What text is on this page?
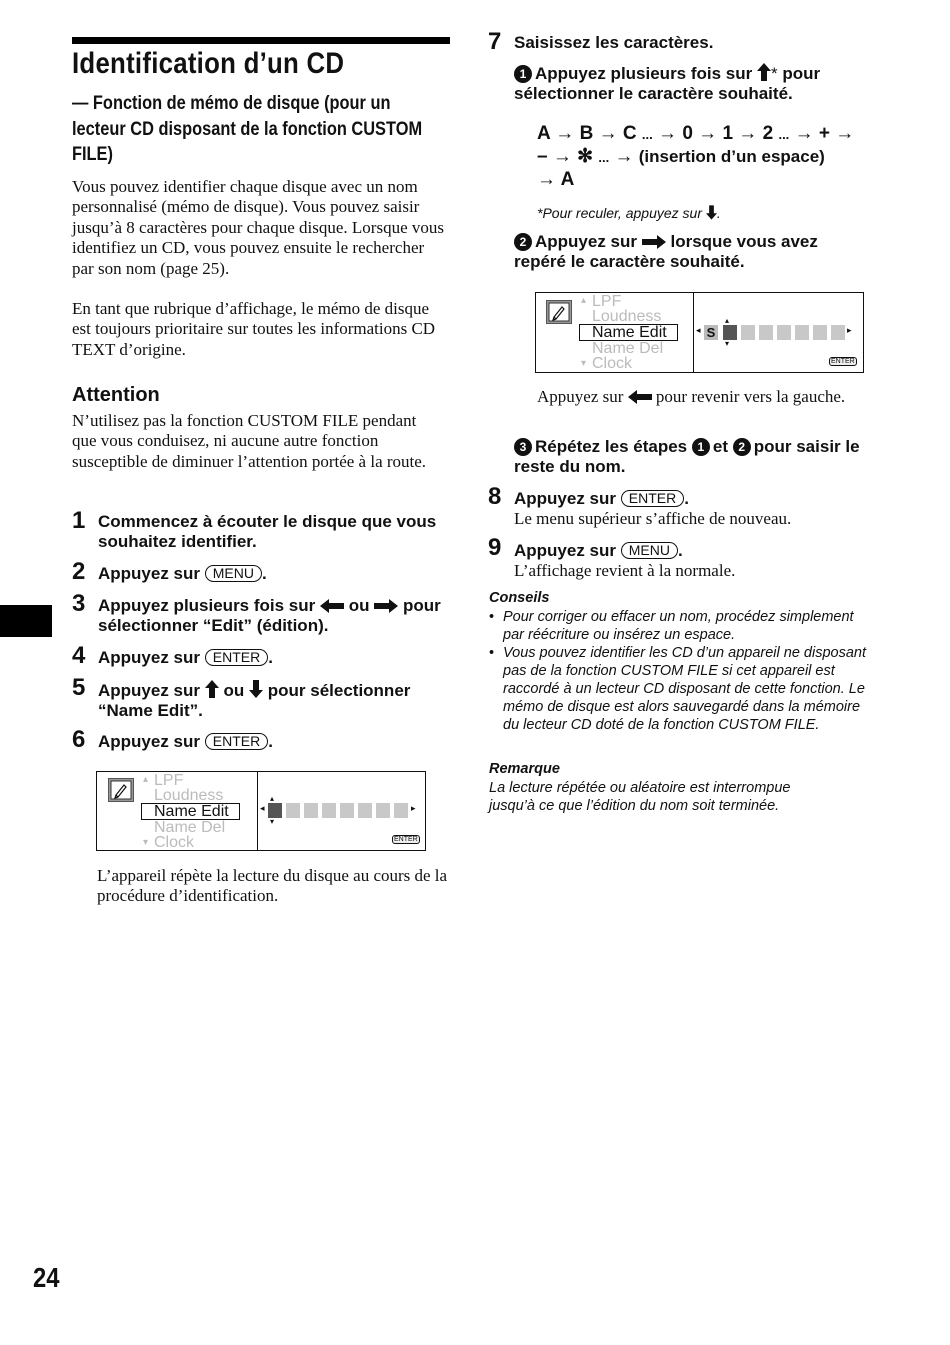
Identification d’un CD
— Fonction de mémo de disque (pour un lecteur CD disposant de la fonction CUSTOM FILE)
Vous pouvez identifier chaque disque avec un nom personnalisé (mémo de disque). Vous pouvez saisir jusqu’à 8 caractères pour chaque disque. Lorsque vous identifiez un CD, vous pouvez ensuite le rechercher par son nom (page 25).
En tant que rubrique d’affichage, le mémo de disque est toujours prioritaire sur toutes les informations CD TEXT d’origine.
Attention
N’utilisez pas la fonction CUSTOM FILE pendant que vous conduisez, ni aucune autre fonction susceptible de diminuer l’attention portée à la route.
1 Commencez à écouter le disque que vous souhaitez identifier.
2 Appuyez sur MENU .
3 Appuyez plusieurs fois sur ou pour sélectionner “Edit” (édition).
4 Appuyez sur ENTER .
5 Appuyez sur ou pour sélectionner “Name Edit”.
6 Appuyez sur ENTER .
▴ LPF
Loudness
Name Edit
Name Del
▾ Clock
◂
▴
▾
▸
ENTER
L’appareil répète la lecture du disque au cours de la procédure d’identification.
7 Saisissez les caractères.
1 Appuyez plusieurs fois sur * pour sélectionner le caractère souhaité.
A → B → C ... → 0 → 1 → 2 ... → + →
– → ✻ ... → (insertion d’un espace)
→ A
*Pour reculer, appuyez sur .
2 Appuyez sur lorsque vous avez repéré le caractère souhaité.
▴ LPF
Loudness
Name Edit
Name Del
▾ Clock
◂ S
▴
▾
▸
ENTER
Appuyez sur pour revenir vers la gauche.
3 Répétez les étapes 1 et 2 pour saisir le reste du nom.
8 Appuyez sur ENTER .
Le menu supérieur s’affiche de nouveau.
9 Appuyez sur MENU .
L’affichage revient à la normale.
Conseils
• Pour corriger ou effacer un nom, procédez simplement par réécriture ou insérez un espace.
• Vous pouvez identifier les CD d’un appareil ne disposant pas de la fonction CUSTOM FILE si cet appareil est raccordé à un lecteur CD disposant de cette fonction. Le mémo de disque est alors sauvegardé dans la mémoire du lecteur CD doté de la fonction CUSTOM FILE.
Remarque
La lecture répétée ou aléatoire est interrompue jusqu’à ce que l’édition du nom soit terminée.
24
